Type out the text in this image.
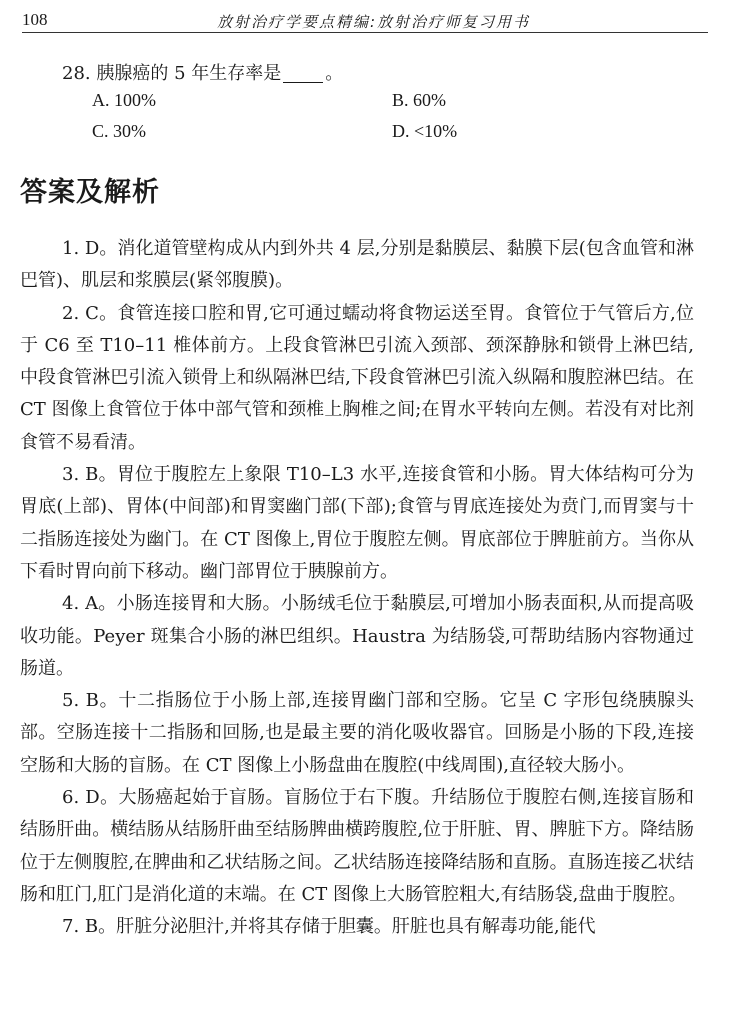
108	放射治疗学要点精编:放射治疗师复习用书
28. 胰腺癌的 5 年生存率是 。
A. 100%	B. 60%
C. 30%	D. <10%
答案及解析

1. D。消化道管壁构成从内到外共 4 层,分别是黏膜层、黏膜下层(包含血管和淋巴管)、肌层和浆膜层(紧邻腹膜)。

2. C。食管连接口腔和胃,它可通过蠕动将食物运送至胃。食管位于气管后方,位于 C6 至 T10–11 椎体前方。上段食管淋巴引流入颈部、颈深静脉和锁骨上淋巴结,中段食管淋巴引流入锁骨上和纵隔淋巴结,下段食管淋巴引流入纵隔和腹腔淋巴结。在 CT 图像上食管位于体中部气管和颈椎上胸椎之间;在胃水平转向左侧。若没有对比剂食管不易看清。

3. B。胃位于腹腔左上象限 T10–L3 水平,连接食管和小肠。胃大体结构可分为胃底(上部)、胃体(中间部)和胃窦幽门部(下部);食管与胃底连接处为贲门,而胃窦与十二指肠连接处为幽门。在 CT 图像上,胃位于腹腔左侧。胃底部位于脾脏前方。当你从下看时胃向前下移动。幽门部胃位于胰腺前方。

4. A。小肠连接胃和大肠。小肠绒毛位于黏膜层,可增加小肠表面积,从而提高吸收功能。Peyer 斑集合小肠的淋巴组织。Haustra 为结肠袋,可帮助结肠内容物通过肠道。

5. B。十二指肠位于小肠上部,连接胃幽门部和空肠。它呈 C 字形包绕胰腺头部。空肠连接十二指肠和回肠,也是最主要的消化吸收器官。回肠是小肠的下段,连接空肠和大肠的盲肠。在 CT 图像上小肠盘曲在腹腔(中线周围),直径较大肠小。

6. D。大肠癌起始于盲肠。盲肠位于右下腹。升结肠位于腹腔右侧,连接盲肠和结肠肝曲。横结肠从结肠肝曲至结肠脾曲横跨腹腔,位于肝脏、胃、脾脏下方。降结肠位于左侧腹腔,在脾曲和乙状结肠之间。乙状结肠连接降结肠和直肠。直肠连接乙状结肠和肛门,肛门是消化道的末端。在 CT 图像上大肠管腔粗大,有结肠袋,盘曲于腹腔。

7. B。肝脏分泌胆汁,并将其存储于胆囊。肝脏也具有解毒功能,能代
